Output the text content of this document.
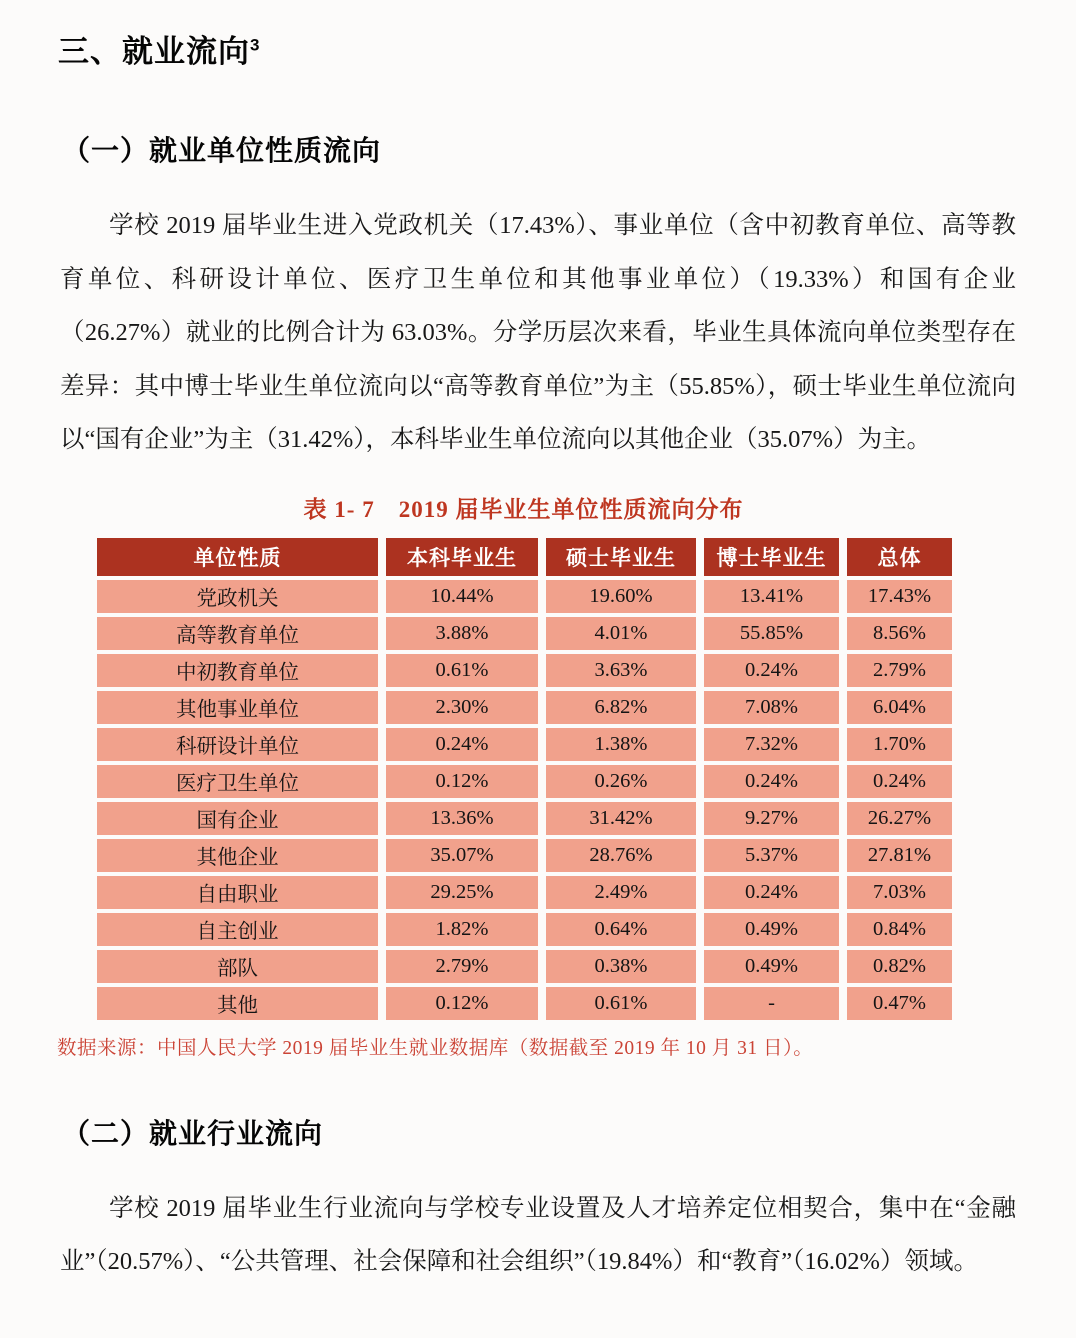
三、就业流向$^3$
（一）就业单位性质流向

学校 2019 届毕业生进入党政机关（17.43%）、事业单位（含中初教育单位、高等教育单位、科研设计单位、医疗卫生单位和其他事业单位）（19.33%）和国有企业（26.27%）就业的比例合计为 63.03%。分学历层次来看，毕业生具体流向单位类型存在差异：其中博士毕业生单位流向以“高等教育单位”为主（55.85%），硕士毕业生单位流向以“国有企业”为主（31.42%），本科毕业生单位流向以其他企业（35.07%）为主。

表 1- 7　2019 届毕业生单位性质流向分布
单位性质	本科毕业生	硕士毕业生	博士毕业生	总体
党政机关	10.44%	19.60%	13.41%	17.43%
高等教育单位	3.88%	4.01%	55.85%	8.56%
中初教育单位	0.61%	3.63%	0.24%	2.79%
其他事业单位	2.30%	6.82%	7.08%	6.04%
科研设计单位	0.24%	1.38%	7.32%	1.70%
医疗卫生单位	0.12%	0.26%	0.24%	0.24%
国有企业	13.36%	31.42%	9.27%	26.27%
其他企业	35.07%	28.76%	5.37%	27.81%
自由职业	29.25%	2.49%	0.24%	7.03%
自主创业	1.82%	0.64%	0.49%	0.84%
部队	2.79%	0.38%	0.49%	0.82%
其他	0.12%	0.61%	-	0.47%
数据来源：中国人民大学 2019 届毕业生就业数据库（数据截至 2019 年 10 月 31 日）。
（二）就业行业流向

学校 2019 届毕业生行业流向与学校专业设置及人才培养定位相契合，集中在“金融业”（20.57%）、“公共管理、社会保障和社会组织”（19.84%）和“教育”（16.02%）领域。
